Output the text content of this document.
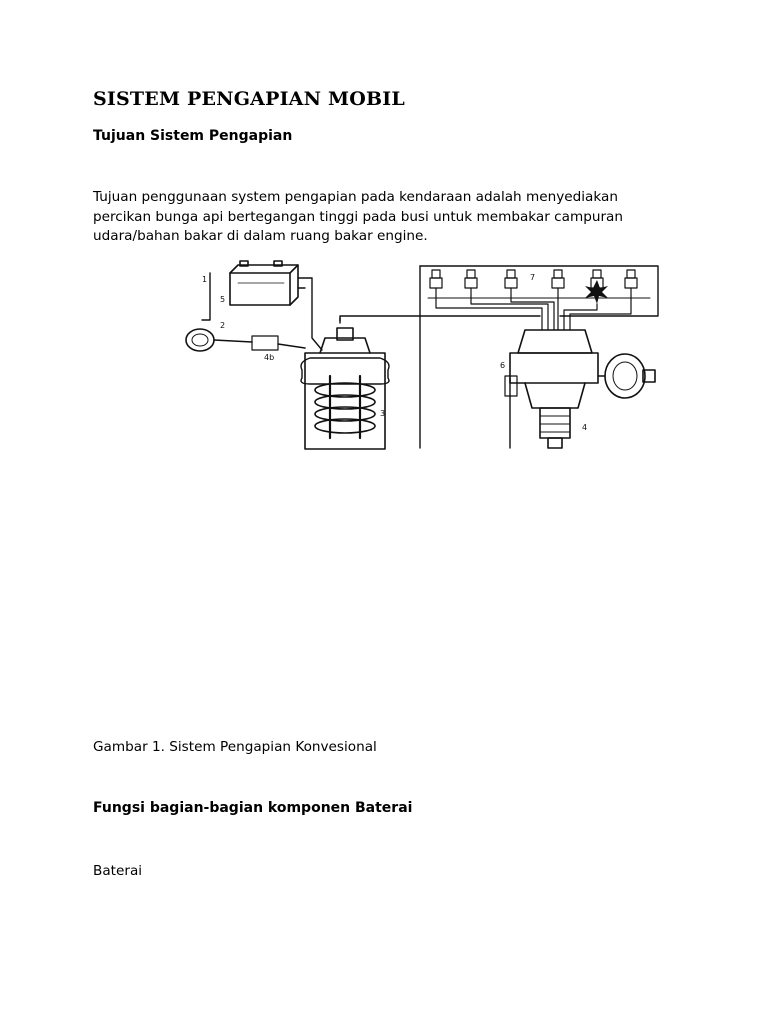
SISTEM PENGAPIAN MOBIL
Tujuan Sistem Pengapian

Tujuan penggunaan system pengapian pada kendaraan adalah menyediakan
percikan bunga api bertegangan tinggi pada busi untuk membakar campuran
udara/bahan bakar di dalam ruang bakar engine.

1
2
3
4
5
6
7
4b

Gambar 1. Sistem Pengapian Konvesional

Fungsi bagian-bagian komponen Baterai

Baterai
